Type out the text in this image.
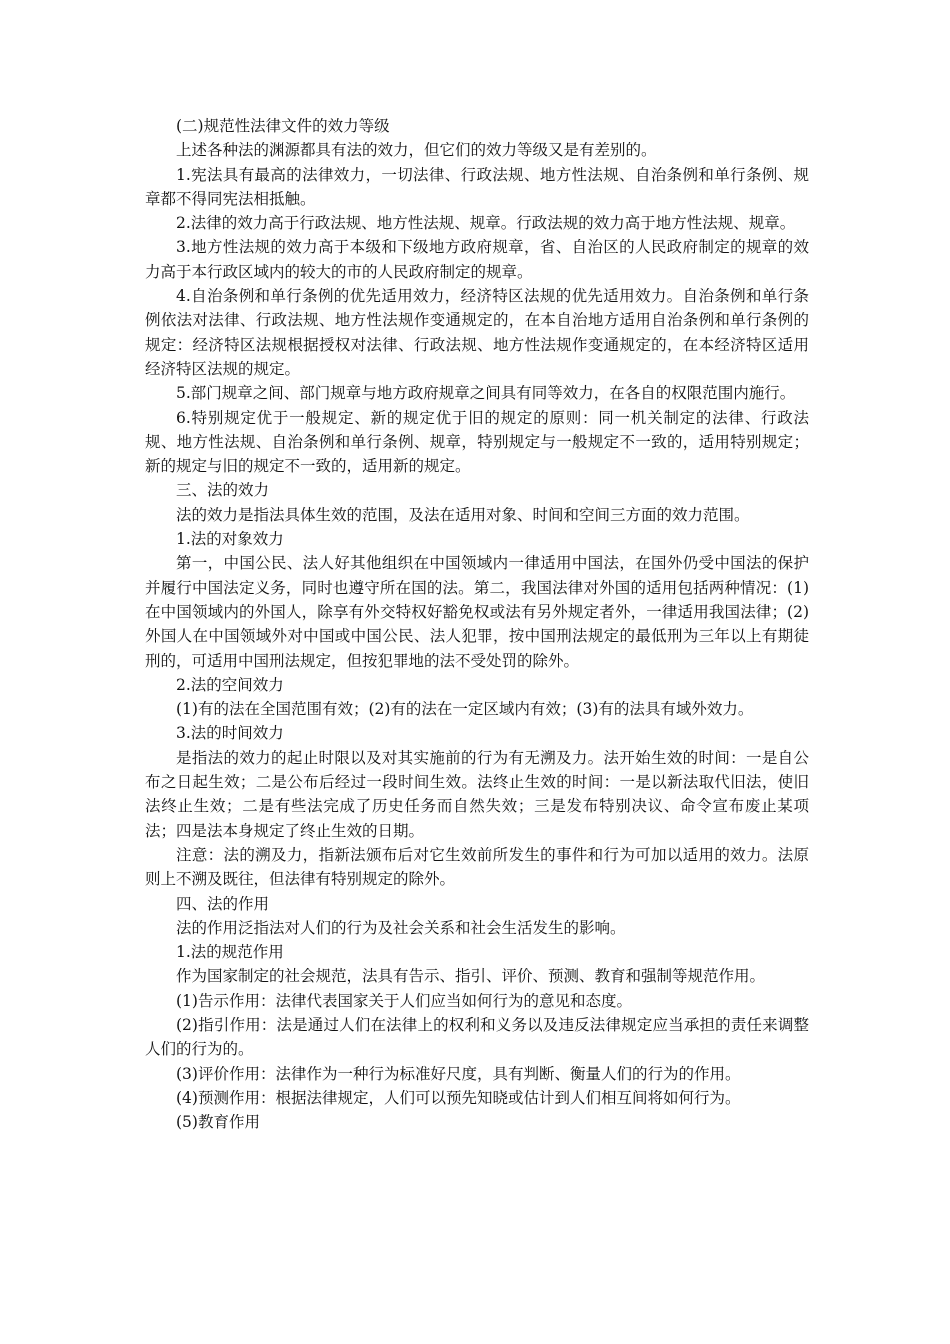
(二)规范性法律文件的效力等级

上述各种法的渊源都具有法的效力，但它们的效力等级又是有差别的。

1.宪法具有最高的法律效力，一切法律、行政法规、地方性法规、自治条例和单行条例、规章都不得同宪法相抵触。

2.法律的效力高于行政法规、地方性法规、规章。行政法规的效力高于地方性法规、规章。

3.地方性法规的效力高于本级和下级地方政府规章，省、自治区的人民政府制定的规章的效力高于本行政区域内的较大的市的人民政府制定的规章。

4.自治条例和单行条例的优先适用效力，经济特区法规的优先适用效力。自治条例和单行条例依法对法律、行政法规、地方性法规作变通规定的，在本自治地方适用自治条例和单行条例的规定：经济特区法规根据授权对法律、行政法规、地方性法规作变通规定的，在本经济特区适用经济特区法规的规定。

5.部门规章之间、部门规章与地方政府规章之间具有同等效力，在各自的权限范围内施行。

6.特别规定优于一般规定、新的规定优于旧的规定的原则：同一机关制定的法律、行政法规、地方性法规、自治条例和单行条例、规章，特别规定与一般规定不一致的，适用特别规定；新的规定与旧的规定不一致的，适用新的规定。

三、法的效力

法的效力是指法具体生效的范围，及法在适用对象、时间和空间三方面的效力范围。

1.法的对象效力

第一，中国公民、法人好其他组织在中国领域内一律适用中国法，在国外仍受中国法的保护并履行中国法定义务，同时也遵守所在国的法。第二，我国法律对外国的适用包括两种情况：(1)在中国领域内的外国人，除享有外交特权好豁免权或法有另外规定者外，一律适用我国法律；(2)外国人在中国领域外对中国或中国公民、法人犯罪，按中国刑法规定的最低刑为三年以上有期徒刑的，可适用中国刑法规定，但按犯罪地的法不受处罚的除外。

2.法的空间效力

(1)有的法在全国范围有效；(2)有的法在一定区域内有效；(3)有的法具有域外效力。

3.法的时间效力

是指法的效力的起止时限以及对其实施前的行为有无溯及力。法开始生效的时间：一是自公布之日起生效；二是公布后经过一段时间生效。法终止生效的时间：一是以新法取代旧法，使旧法终止生效；二是有些法完成了历史任务而自然失效；三是发布特别决议、命令宣布废止某项法；四是法本身规定了终止生效的日期。

注意：法的溯及力，指新法颁布后对它生效前所发生的事件和行为可加以适用的效力。法原则上不溯及既往，但法律有特别规定的除外。

四、法的作用

法的作用泛指法对人们的行为及社会关系和社会生活发生的影响。

1.法的规范作用

作为国家制定的社会规范，法具有告示、指引、评价、预测、教育和强制等规范作用。

(1)告示作用：法律代表国家关于人们应当如何行为的意见和态度。

(2)指引作用：法是通过人们在法律上的权利和义务以及违反法律规定应当承担的责任来调整人们的行为的。

(3)评价作用：法律作为一种行为标准好尺度，具有判断、衡量人们的行为的作用。

(4)预测作用：根据法律规定，人们可以预先知晓或估计到人们相互间将如何行为。

(5)教育作用
